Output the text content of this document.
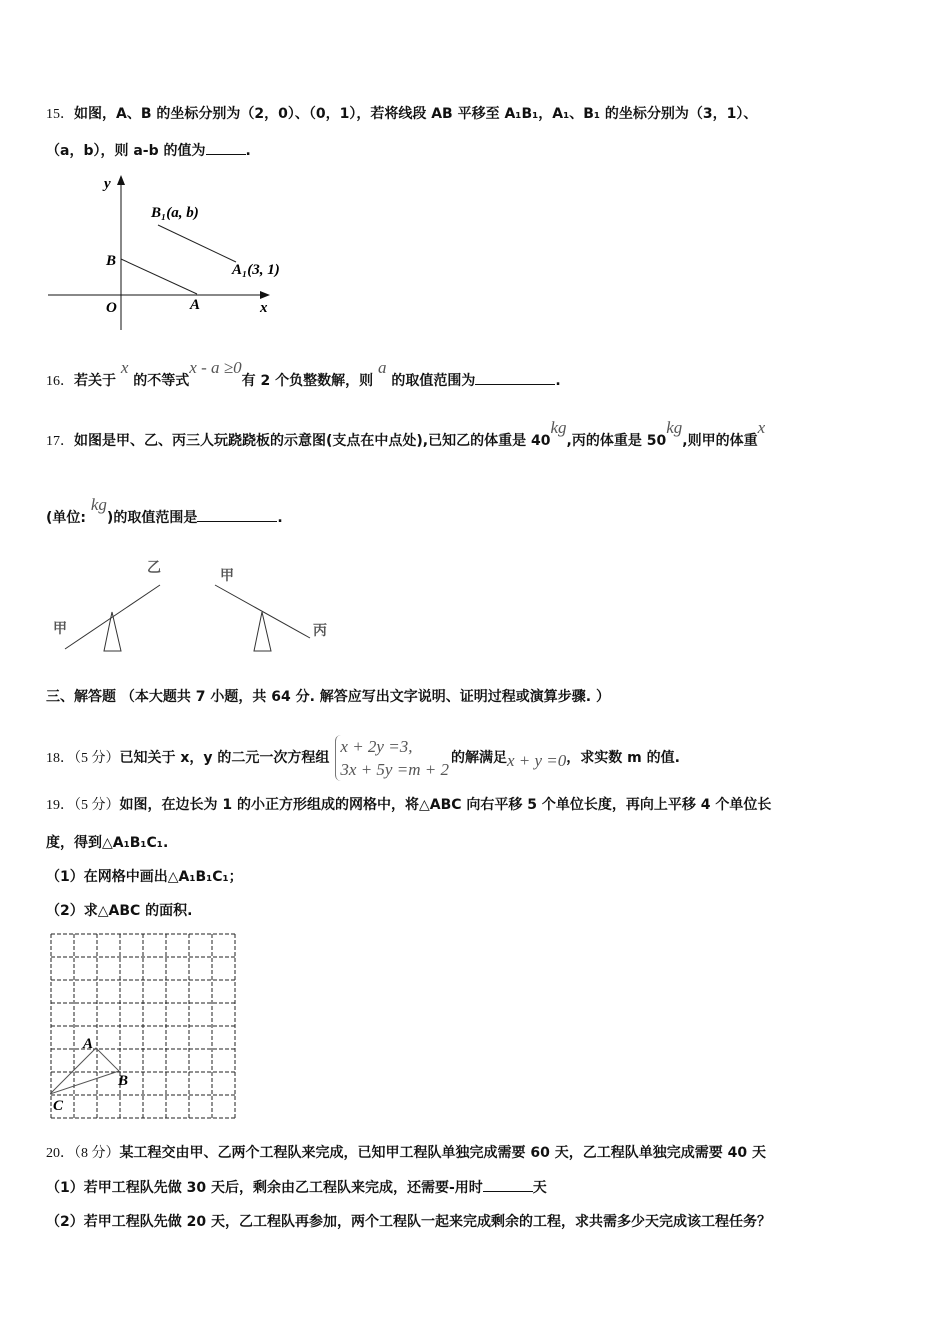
15．如图，A、B 的坐标分别为（2，0）、（0，1），若将线段 AB 平移至 A₁B₁，A₁、B₁ 的坐标分别为（3，1）、
（a，b），则 a-b 的值为	.
y
x
O	A
B
B₁(a, b)
A₁(3, 1)
16．若关于 x 的不等式x - a ≥0有 2 个负整数解，则 a 的取值范围为	.
17．如图是甲、乙、丙三人玩跷跷板的示意图(支点在中点处),已知乙的体重是 40kg,丙的体重是 50kg,则甲的体重x
(单位: kg)的取值范围是	.
甲
乙
甲
丙
三、解答题 （本大题共 7 小题，共 64 分. 解答应写出文字说明、证明过程或演算步骤. ）
18．（5 分）已知关于 x，y 的二元一次方程组
x + 2y =3,
3x + 5y =m + 2
的解满足x + y =0，求实数 m 的值.
19．（5 分）如图，在边长为 1 的小正方形组成的网格中，将△ABC 向右平移 5 个单位长度，再向上平移 4 个单位长
度，得到△A₁B₁C₁.
（1）在网格中画出△A₁B₁C₁；
（2）求△ABC 的面积.
A
B
C
20．（8 分）某工程交由甲、乙两个工程队来完成，已知甲工程队单独完成需要 60 天，乙工程队单独完成需要 40 天
（1）若甲工程队先做 30 天后，剩余由乙工程队来完成，还需要-用时	天
（2）若甲工程队先做 20 天，乙工程队再参加，两个工程队一起来完成剩余的工程，求共需多少天完成该工程任务？
